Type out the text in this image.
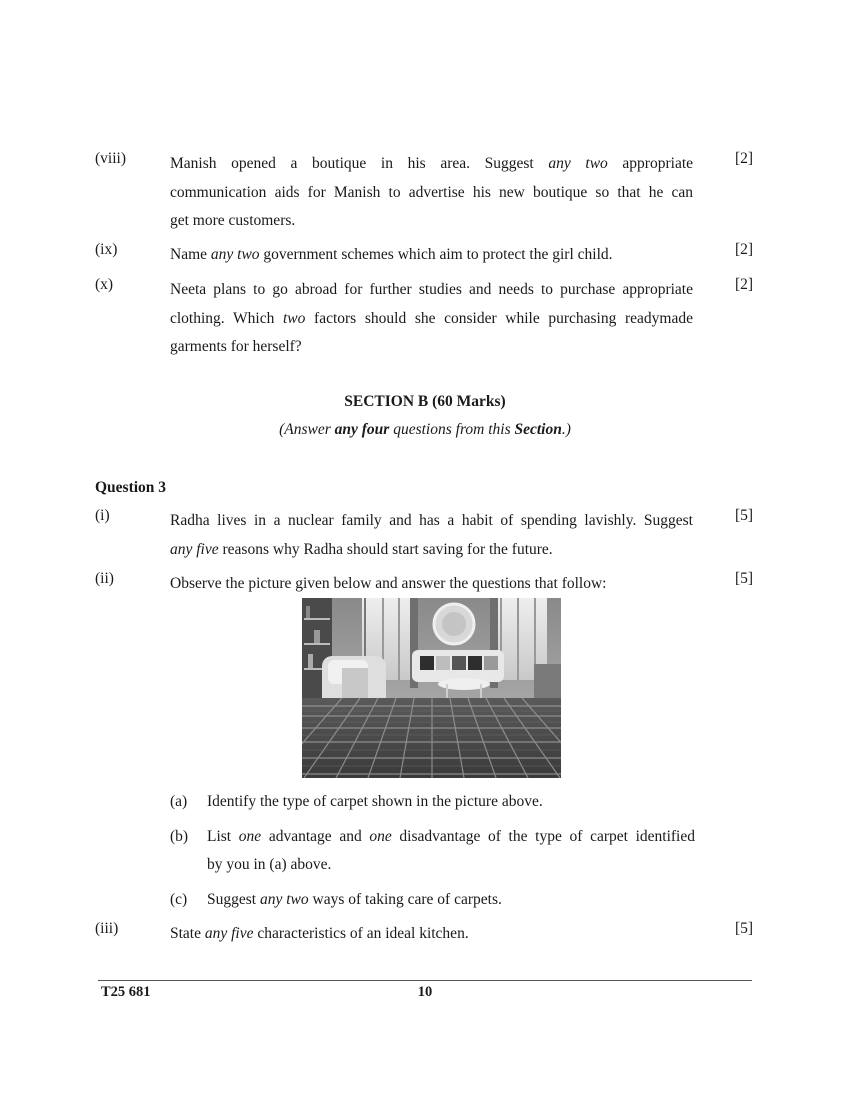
(viii)	Manish opened a boutique in his area. Suggest any two appropriate
communication aids for Manish to advertise his new boutique so that he can
get more customers.
[2]
(ix)	Name any two government schemes which aim to protect the girl child.	[2]
(x)	Neeta plans to go abroad for further studies and needs to purchase appropriate
clothing. Which two factors should she consider while purchasing readymade
garments for herself?
[2]
SECTION B (60 Marks)
(Answer any four questions from this Section.)
Question 3
(i)	Radha lives in a nuclear family and has a habit of spending lavishly. Suggest
any five reasons why Radha should start saving for the future.
[5]
(ii)	Observe the picture given below and answer the questions that follow:	[5]
(a) Identify the type of carpet shown in the picture above.
(b) List one advantage and one disadvantage of the type of carpet identified
by you in (a) above.
(c) Suggest any two ways of taking care of carpets.
(iii)	State any five characteristics of an ideal kitchen.	[5]
T25 681	10
